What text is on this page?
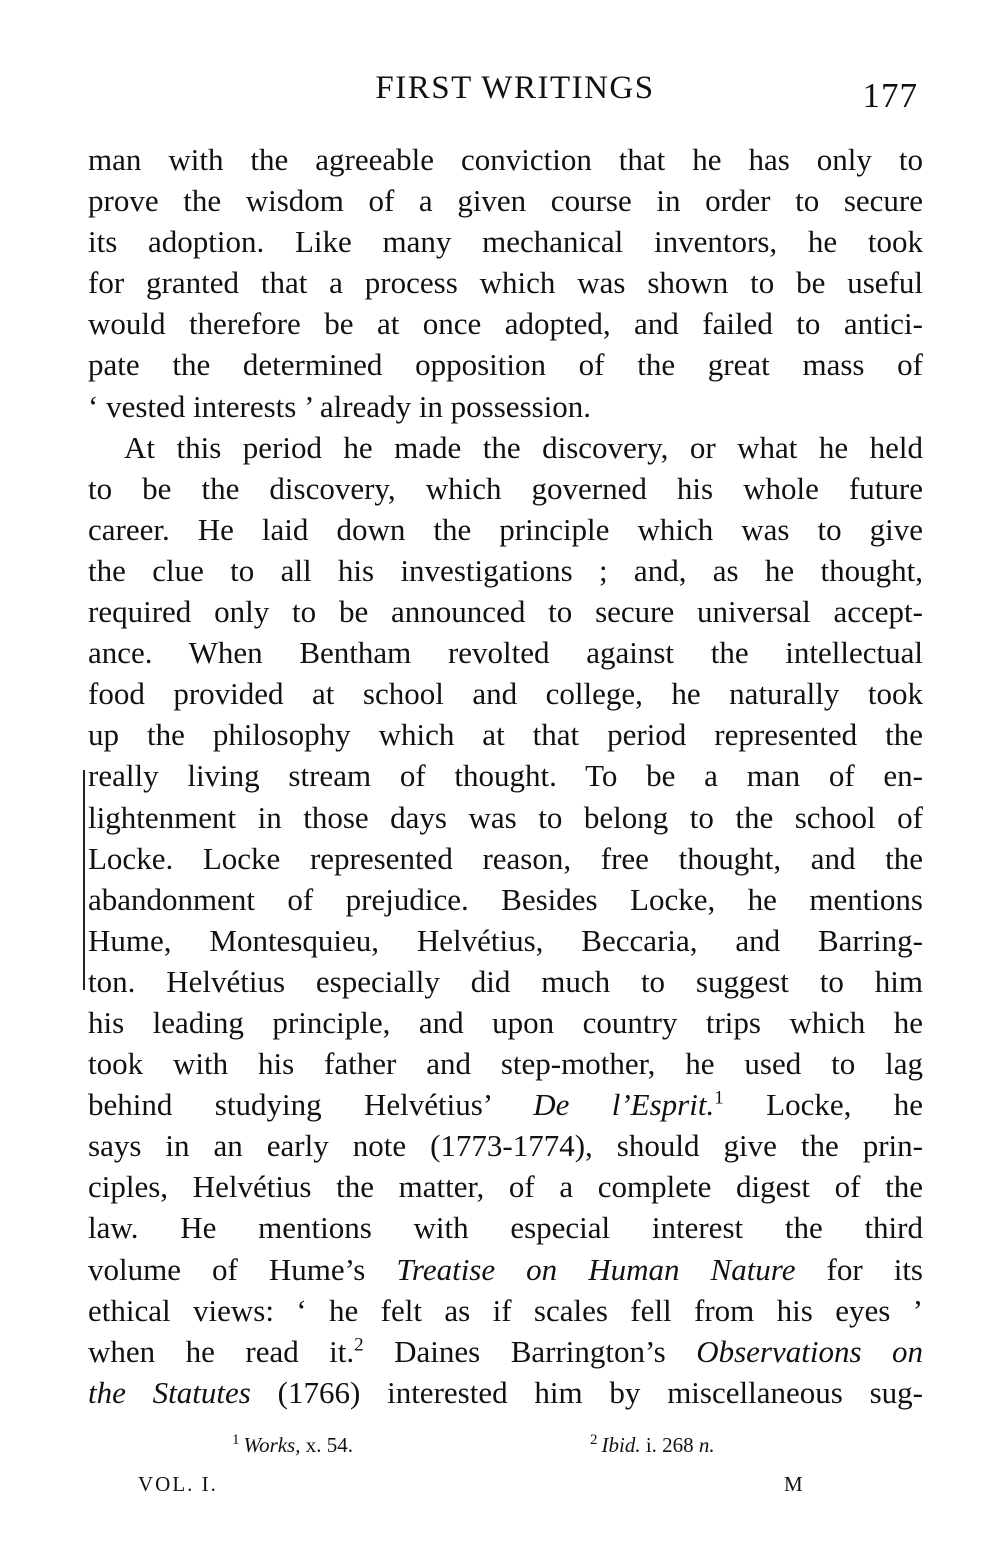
FIRST WRITINGS	177
man with the agreeable conviction that he has only to
prove the wisdom of a given course in order to secure
its adoption. Like many mechanical inventors, he took
for granted that a process which was shown to be useful
would therefore be at once adopted, and failed to antici-
pate the determined opposition of the great mass of
‘ vested interests ’ already in possession.
At this period he made the discovery, or what he held
to be the discovery, which governed his whole future
career. He laid down the principle which was to give
the clue to all his investigations ; and, as he thought,
required only to be announced to secure universal accept-
ance. When Bentham revolted against the intellectual
food provided at school and college, he naturally took
up the philosophy which at that period represented the
really living stream of thought. To be a man of en-
lightenment in those days was to belong to the school of
Locke. Locke represented reason, free thought, and the
abandonment of prejudice. Besides Locke, he mentions
Hume, Montesquieu, Helvétius, Beccaria, and Barring-
ton. Helvétius especially did much to suggest to him
his leading principle, and upon country trips which he
took with his father and step-mother, he used to lag
behind studying Helvétius’ De l’Esprit.$^1$ Locke, he
says in an early note (1773-1774), should give the prin-
ciples, Helvétius the matter, of a complete digest of the
law. He mentions with especial interest the third
volume of Hume’s Treatise on Human Nature for its
ethical views: ‘ he felt as if scales fell from his eyes ’
when he read it.$^2$ Daines Barrington’s Observations on
the Statutes (1766) interested him by miscellaneous sug-
$^1$ Works, x. 54.	$^2$ Ibid. i. 268 n.
VOL. I.	M
